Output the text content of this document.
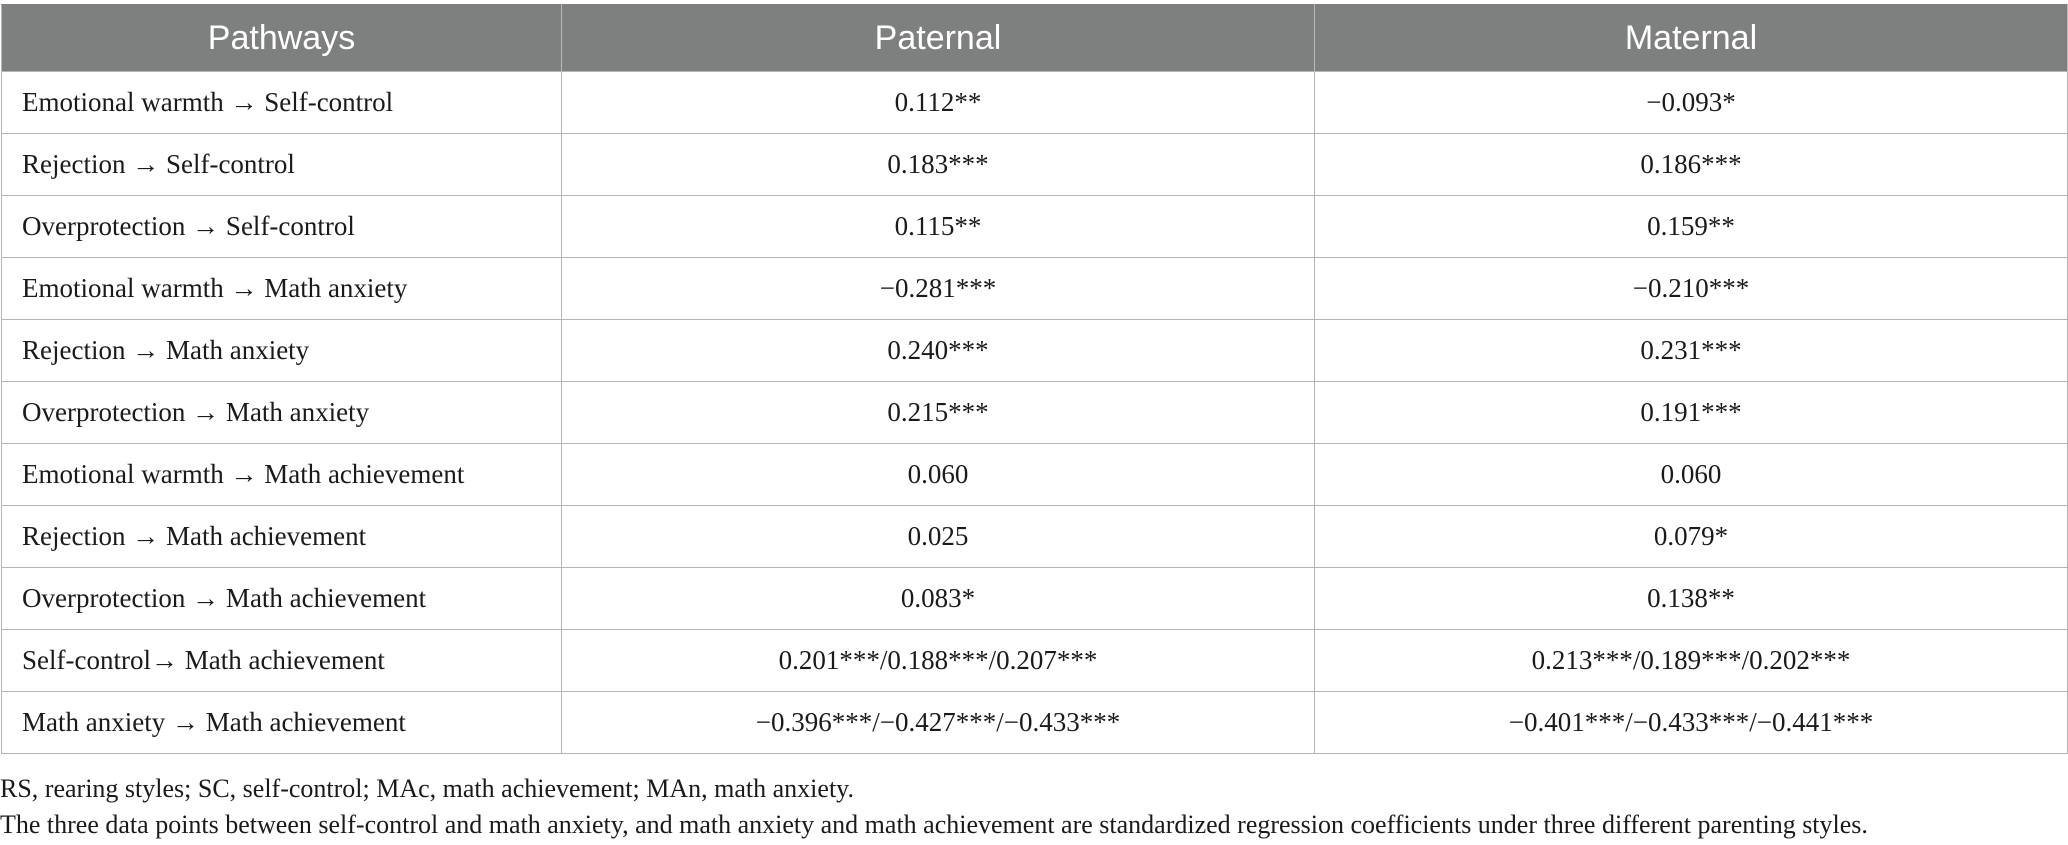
Pathways	Paternal	Maternal
Emotional warmth → Self-control	0.112**	−0.093*
Rejection → Self-control	0.183***	0.186***
Overprotection → Self-control	0.115**	0.159**
Emotional warmth → Math anxiety	−0.281***	−0.210***
Rejection → Math anxiety	0.240***	0.231***
Overprotection → Math anxiety	0.215***	0.191***
Emotional warmth → Math achievement	0.060	0.060
Rejection → Math achievement	0.025	0.079*
Overprotection → Math achievement	0.083*	0.138**
Self-control→ Math achievement	0.201***/0.188***/0.207***	0.213***/0.189***/0.202***
Math anxiety → Math achievement	−0.396***/−0.427***/−0.433***	−0.401***/−0.433***/−0.441***
RS, rearing styles; SC, self-control; MAc, math achievement; MAn, math anxiety.
The three data points between self-control and math anxiety, and math anxiety and math achievement are standardized regression coefficients under three different parenting styles.
